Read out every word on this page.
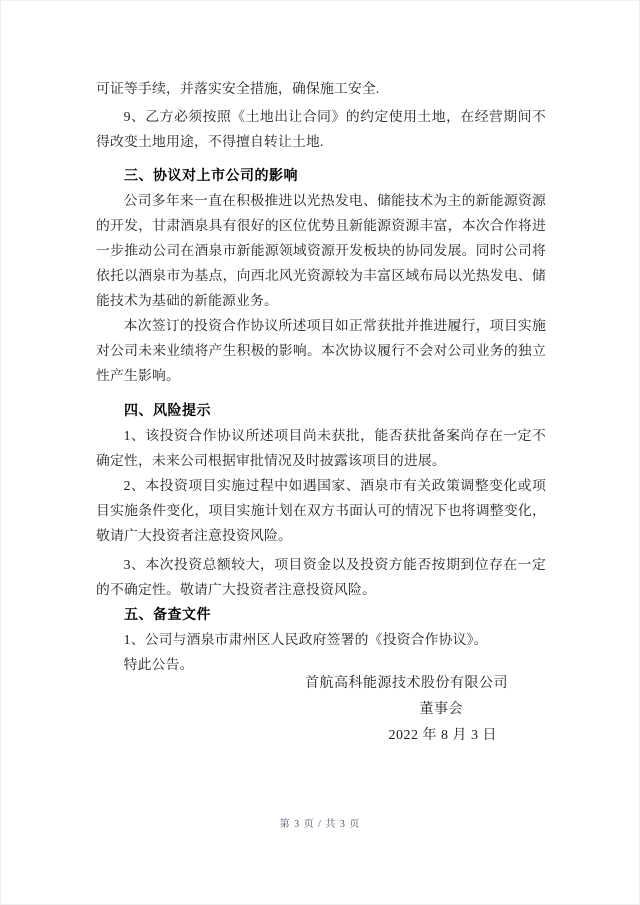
可证等手续，并落实安全措施，确保施工安全.

9、乙方必须按照《土地出让合同》的约定使用土地，在经营期间不得改变土地用途，不得擅自转让土地.

三、协议对上市公司的影响

公司多年来一直在积极推进以光热发电、储能技术为主的新能源资源的开发，甘肃酒泉具有很好的区位优势且新能源资源丰富，本次合作将进一步推动公司在酒泉市新能源领域资源开发板块的协同发展。同时公司将依托以酒泉市为基点，向西北风光资源较为丰富区域布局以光热发电、储能技术为基础的新能源业务。

本次签订的投资合作协议所述项目如正常获批并推进履行，项目实施对公司未来业绩将产生积极的影响。本次协议履行不会对公司业务的独立性产生影响。

四、风险提示

1、该投资合作协议所述项目尚未获批，能否获批备案尚存在一定不确定性，未来公司根据审批情况及时披露该项目的进展。

2、本投资项目实施过程中如遇国家、酒泉市有关政策调整变化或项目实施条件变化，项目实施计划在双方书面认可的情况下也将调整变化，敬请广大投资者注意投资风险。

3、本次投资总额较大，项目资金以及投资方能否按期到位存在一定的不确定性。敬请广大投资者注意投资风险。

五、备查文件

1、公司与酒泉市肃州区人民政府签署的《投资合作协议》。

特此公告。

首航高科能源技术股份有限公司
董事会
2022 年 8 月 3 日
第 3 页 / 共 3 页
